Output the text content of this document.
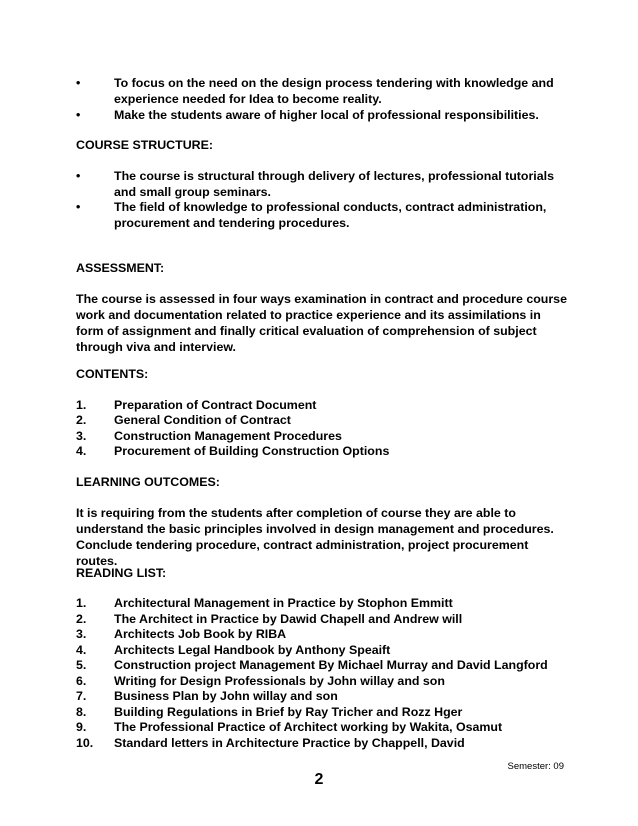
•	To focus on the need on the design process tendering with knowledge and experience needed for Idea to become reality.
•	Make the students aware of higher local of professional responsibilities.
COURSE STRUCTURE:
•	The course is structural through delivery of lectures, professional tutorials and small group seminars.
•	The field of knowledge to professional conducts, contract administration, procurement and tendering procedures.
ASSESSMENT:
The course is assessed in four ways examination in contract and procedure course work and documentation related to practice experience and its assimilations in form of assignment and finally critical evaluation of comprehension of subject through viva and interview.
CONTENTS:
1.	Preparation of Contract Document
2.	General Condition of Contract
3.	Construction Management Procedures
4.	Procurement of Building Construction Options
LEARNING OUTCOMES:
It is requiring from the students after completion of course they are able to understand the basic principles involved in design management and procedures. Conclude tendering procedure, contract administration, project procurement routes.
READING LIST:
1.	Architectural Management in Practice by Stophon Emmitt
2.	The Architect in Practice by Dawid Chapell and Andrew will
3.	Architects Job Book by RIBA
4.	Architects Legal Handbook by Anthony Speaift
5.	Construction project Management By Michael Murray and David Langford
6.	Writing for Design Professionals by John willay and son
7.	Business Plan by John willay and son
8.	Building Regulations in Brief by Ray Tricher and Rozz Hger
9.	The Professional Practice of Architect working by Wakita, Osamut
10.	Standard letters in Architecture Practice by Chappell, David
Semester: 09
2
